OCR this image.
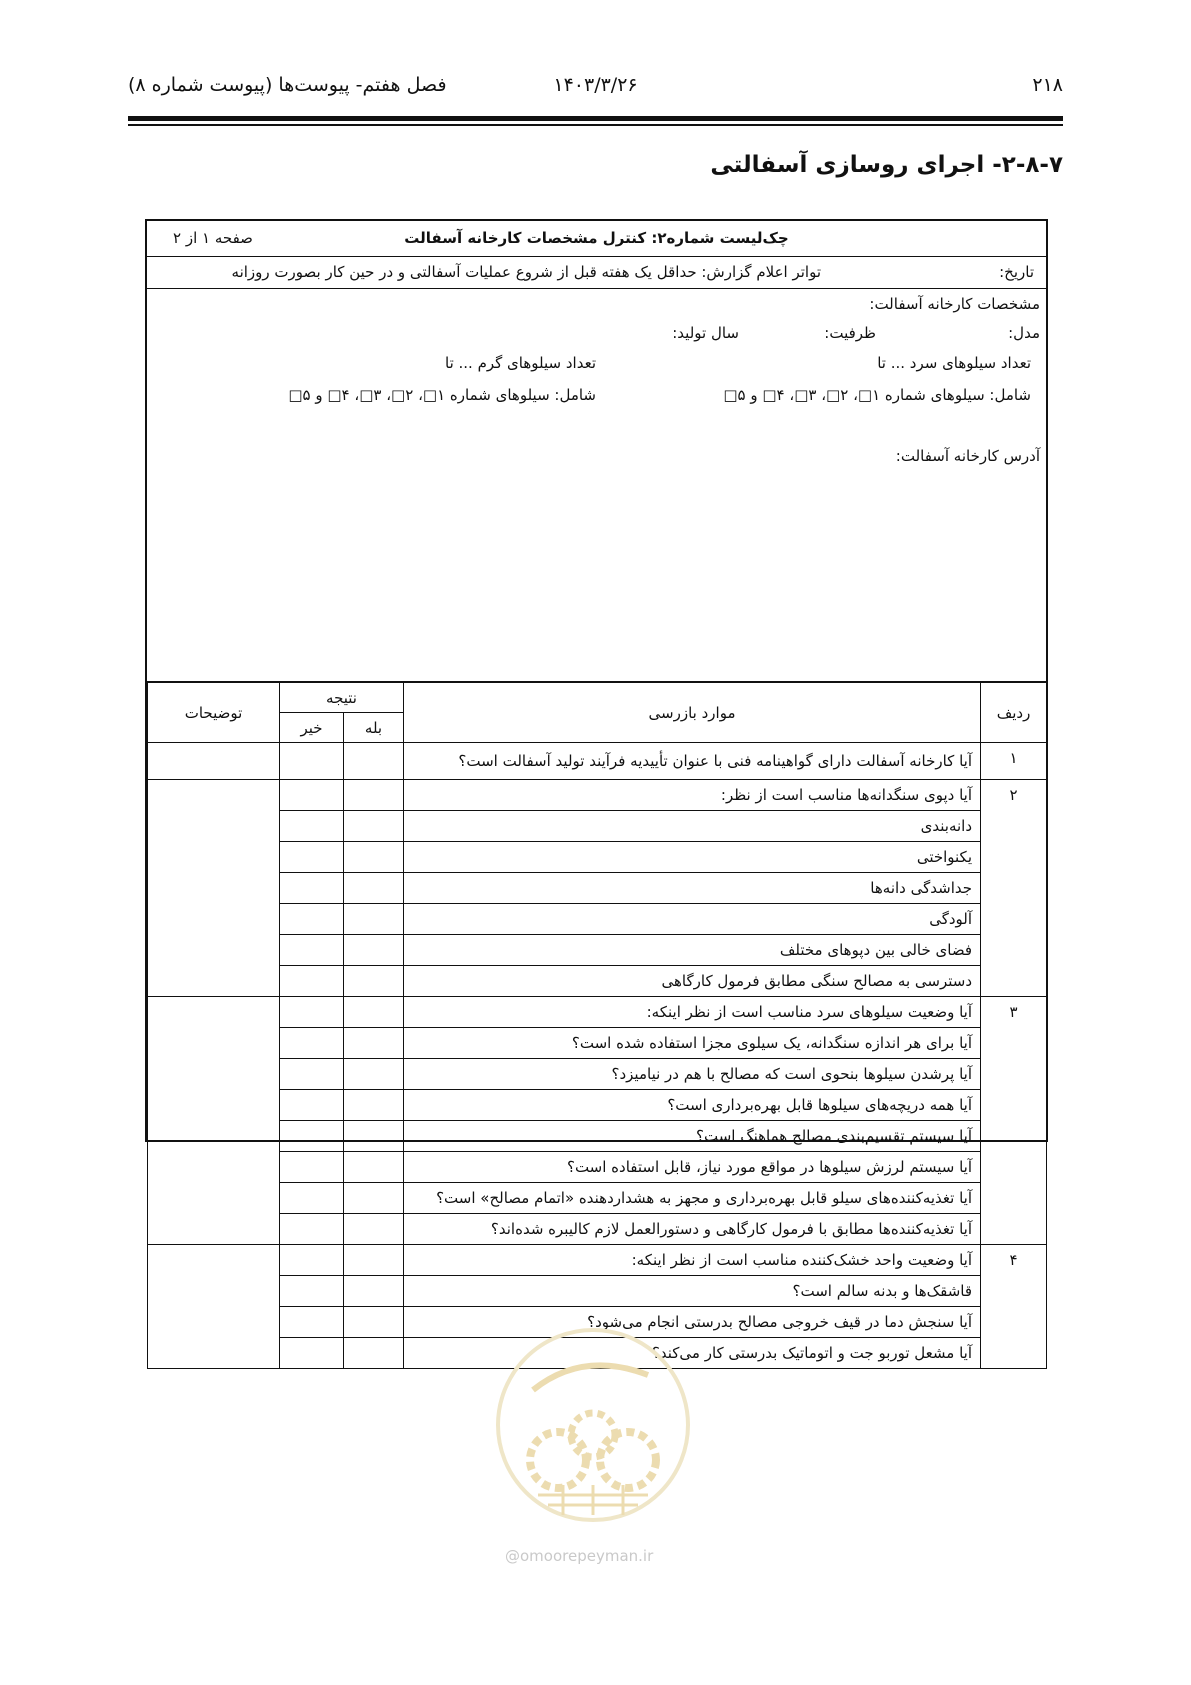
۲۱۸
۱۴۰۳/۳/۲۶
فصل هفتم- پیوست‌ها (پیوست شماره ۸)
۲-۸-۷- اجرای روسازی آسفالتی
چک‌لیست شماره۲: کنترل مشخصات کارخانه آسفالت
صفحه ۱ از ۲
تاریخ:
تواتر اعلام گزارش: حداقل یک هفته قبل از شروع عملیات آسفالتی و در حین کار بصورت روزانه
مشخصات کارخانه آسفالت:
مدل:
ظرفیت:
سال تولید:
تعداد سیلوهای سرد ... تا
تعداد سیلوهای گرم ... تا
شامل: سیلوهای شماره ۱□، ۲□، ۳□، ۴□ و ۵□
شامل: سیلوهای شماره ۱□، ۲□، ۳□، ۴□ و ۵□
آدرس کارخانه آسفالت:
ردیف	موارد بازرسی	نتیجه		توضیحات
		بله	خیر	
۱	آیا کارخانه آسفالت دارای گواهینامه فنی با عنوان تأییدیه فرآیند تولید آسفالت است؟			
۲	آیا دپوی سنگدانه‌ها مناسب است از نظر:			
	دانه‌بندی			
	یکنواختی			
	جداشدگی دانه‌ها			
	آلودگی			
	فضای خالی بین دپوهای مختلف			
	دسترسی به مصالح سنگی مطابق فرمول کارگاهی			
۳	آیا وضعیت سیلوهای سرد مناسب است از نظر اینکه:			
	آیا برای هر اندازه سنگدانه، یک سیلوی مجزا استفاده شده است؟			
	آیا پرشدن سیلوها بنحوی است که مصالح با هم در نیامیزد؟			
	آیا همه دریچه‌های سیلوها قابل بهره‌برداری است؟			
	آیا سیستم تقسیم‌بندی مصالح هماهنگ است؟			
	آیا سیستم لرزش سیلوها در مواقع مورد نیاز، قابل استفاده است؟			
	آیا تغذیه‌کننده‌های سیلو قابل بهره‌برداری و مجهز به هشداردهنده «اتمام مصالح» است؟			
	آیا تغذیه‌کننده‌ها مطابق با فرمول کارگاهی و دستورالعمل لازم کالیبره شده‌اند؟			
۴	آیا وضعیت واحد خشک‌کننده مناسب است از نظر اینکه:			
	قاشقک‌ها و بدنه سالم است؟			
	آیا سنجش دما در قیف خروجی مصالح بدرستی انجام می‌شود؟			
	آیا مشعل توربو جت و اتوماتیک بدرستی کار می‌کند؟			
@omoorepeyman.ir
